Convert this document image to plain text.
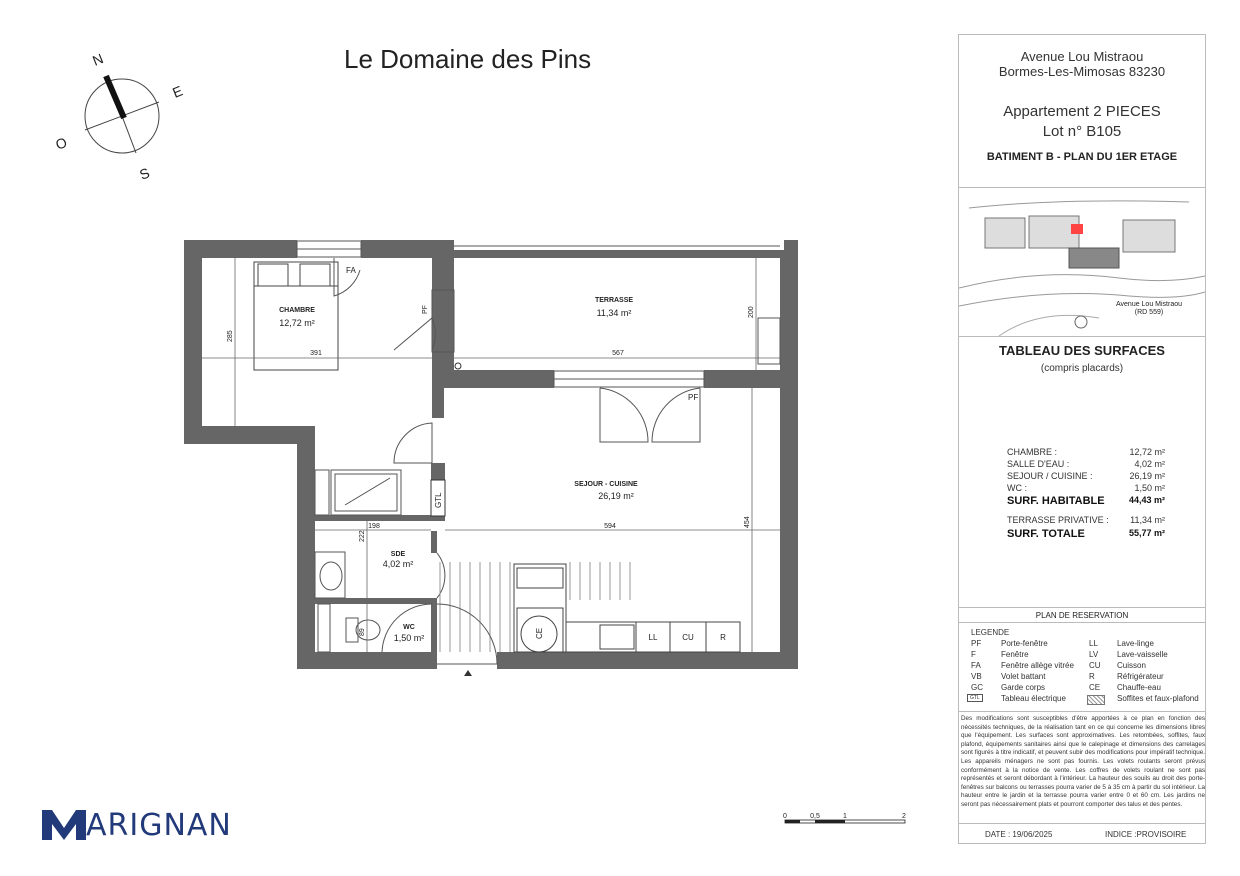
Le Domaine des Pins
N
E
S
O
CHAMBRE
12,72 m²
TERRASSE
11,34 m²
SEJOUR - CUISINE
26,19 m²
SDE
4,02 m²
WC
1,50 m²
391
285
567
200
198
222
594	454
89
FA
PF
PF
GTL
CE	LL	CU	R
0	0,5	1	2
ARIGNAN
Avenue Lou Mistraou
Bormes-Les-Mimosas 83230
Appartement 2 PIECES
Lot n° B105
BATIMENT B - PLAN DU 1ER ETAGE
Avenue Lou Mistraou
(RD 559)
TABLEAU DES SURFACES
(compris placards)
CHAMBRE :	12,72 m²
SALLE D'EAU :	4,02 m²
SEJOUR / CUISINE :	26,19 m²
WC :	1,50 m²
SURF. HABITABLE	44,43 m²
TERRASSE PRIVATIVE : 11,34 m²
SURF. TOTALE	55,77 m²
PLAN DE RESERVATION
LEGENDE
PF Porte-fenêtre
F	Fenêtre
FA	Fenêtre allège vitrée
VB Volet battant
GC Garde corps
GTL	Tableau électrique
LL Lave-linge
LV Lave-vaisselle
CU Cuisson
R	Réfrigérateur
CE Chauffe-eau
Soffites et faux-plafond
Des modifications sont susceptibles d'être apportées à ce plan en fonction des nécessités techniques, de la réalisation tant en ce qui concerne les dimensions libres que l'équipement. Les surfaces sont approximatives. Les retombées, soffites, faux plafond, équipements sanitaires ainsi que le calepinage et dimensions des carrelages sont figurés à titre indicatif, et peuvent subir des modifications pour impératif technique. Les appareils ménagers ne sont pas fournis. Les volets roulants seront prévus conformément à la notice de vente. Les coffres de volets roulant ne sont pas représentés et seront débordant à l'intérieur. La hauteur des souils au droit des porte-fenêtres sur balcons ou terrasses pourra varier de 5 à 35 cm à partir du sol intérieur. La hauteur entre le jardin et la terrasse pourra varier entre 0 et 60 cm. Les jardins ne seront pas nécessairement plats et pourront comporter des talus et des pentes.
DATE : 19/06/2025	INDICE :PROVISOIRE
